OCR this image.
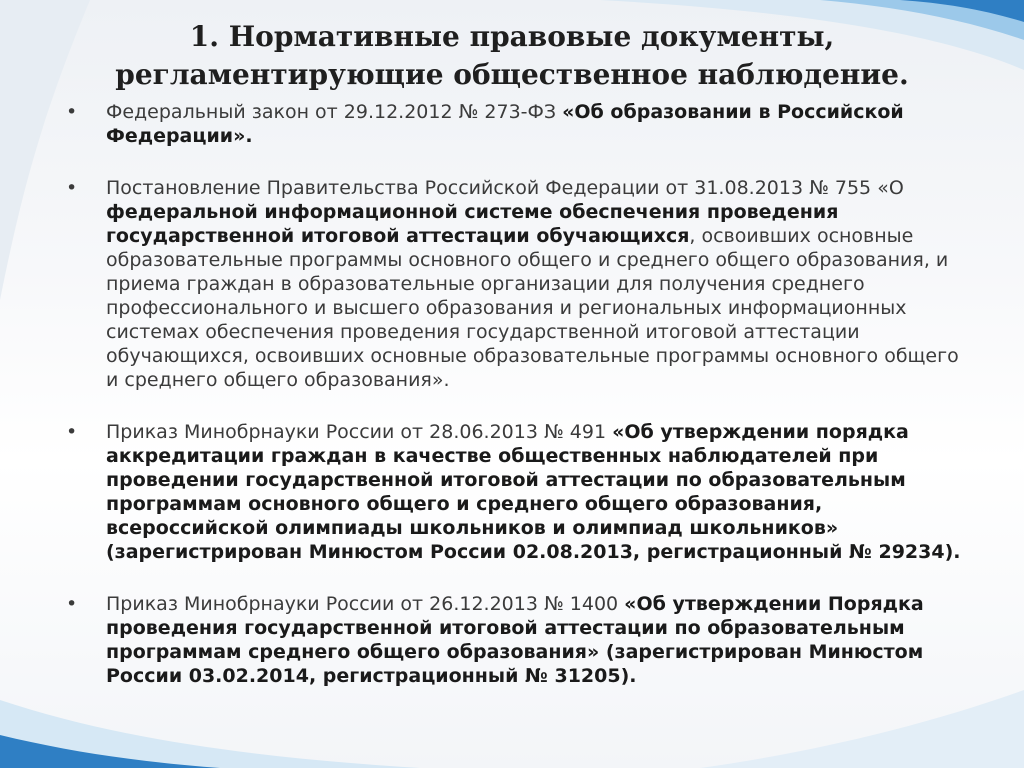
1. Нормативные правовые документы,
регламентирующие общественное наблюдение.
•	Федеральный закон от 29.12.2012 № 273-ФЗ «Об образовании в Российской Федерации».
•	Постановление Правительства Российской Федерации от 31.08.2013 № 755 «О федеральной информационной системе обеспечения проведения государственной итоговой аттестации обучающихся, освоивших основные образовательные программы основного общего и среднего общего образования, и приема граждан в образовательные организации для получения среднего профессионального и высшего образования и региональных информационных системах обеспечения проведения государственной итоговой аттестации обучающихся, освоивших основные образовательные программы основного общего и среднего общего образования».
•	Приказ Минобрнауки России от 28.06.2013 № 491 «Об утверждении порядка аккредитации граждан в качестве общественных наблюдателей при проведении государственной итоговой аттестации по образовательным программам основного общего и среднего общего образования, всероссийской олимпиады школьников и олимпиад школьников» (зарегистрирован Минюстом России 02.08.2013, регистрационный № 29234).
•	Приказ Минобрнауки России от 26.12.2013 № 1400 «Об утверждении Порядка проведения государственной итоговой аттестации по образовательным программам среднего общего образования» (зарегистрирован Минюстом России 03.02.2014, регистрационный № 31205).
